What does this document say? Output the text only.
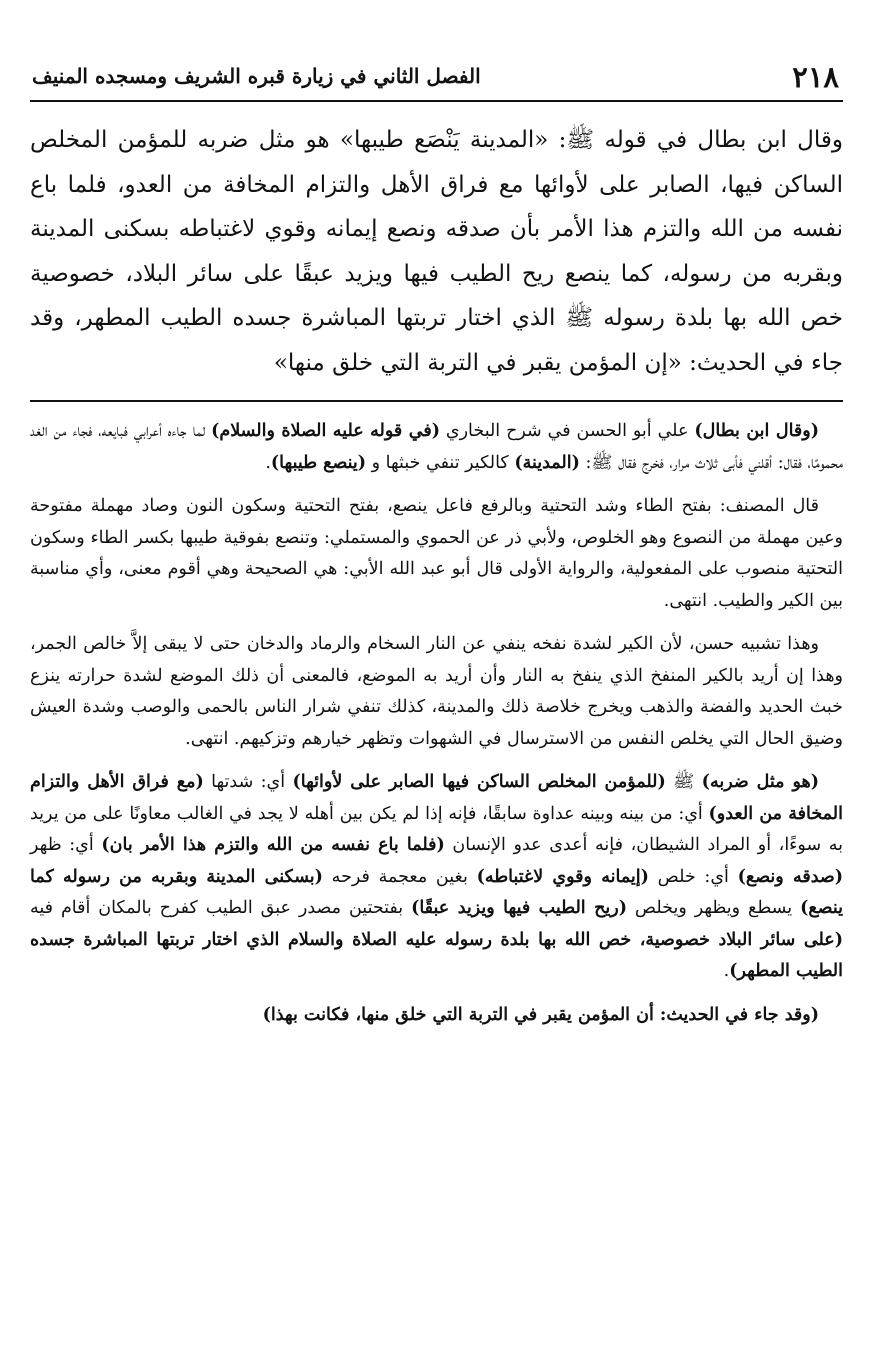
٢١٨
الفصل الثاني في زيارة قبره الشريف ومسجده المنيف
وقال ابن بطال في قوله ﷺ: «المدينة يَنْصَع طيبها» هو مثل ضربه للمؤمن المخلص الساكن فيها، الصابر على لأوائها مع فراق الأهل والتزام المخافة من العدو، فلما باع نفسه من الله والتزم هذا الأمر بأن صدقه ونصع إيمانه وقوي لاغتباطه بسكنى المدينة وبقربه من رسوله، كما ينصع ريح الطيب فيها ويزيد عبقًا على سائر البلاد، خصوصية خص الله بها بلدة رسوله ﷺ الذي اختار تربتها المباشرة جسده الطيب المطهر، وقد جاء في الحديث: «إن المؤمن يقبر في التربة التي خلق منها»

(وقال ابن بطال) علي أبو الحسن في شرح البخاري (في قوله عليه الصلاة والسلام) لما جاءه أعرابي فبايعه، فجاء من الغد محمومًا، فقال: أقلني فأبى ثلاث مرار، فخرج فقال ﷺ: (المدينة) كالكير تنفي خبثها و (ينصع طيبها).

قال المصنف: بفتح الطاء وشد التحتية وبالرفع فاعل ينصع، بفتح التحتية وسكون النون وصاد مهملة مفتوحة وعين مهملة من النصوع وهو الخلوص، ولأبي ذر عن الحموي والمستملي: وتنصع بفوقية طيبها بكسر الطاء وسكون التحتية منصوب على المفعولية، والرواية الأولى قال أبو عبد الله الأبي: هي الصحيحة وهي أقوم معنى، وأي مناسبة بين الكير والطيب. انتهى.

وهذا تشبيه حسن، لأن الكير لشدة نفخه ينفي عن النار السخام والرماد والدخان حتى لا يبقى إلاَّ خالص الجمر، وهذا إن أريد بالكير المنفخ الذي ينفخ به النار وأن أريد به الموضع، فالمعنى أن ذلك الموضع لشدة حرارته ينزع خبث الحديد والفضة والذهب ويخرج خلاصة ذلك والمدينة، كذلك تنفي شرار الناس بالحمى والوصب وشدة العيش وضيق الحال التي يخلص النفس من الاسترسال في الشهوات وتظهر خيارهم وتزكيهم. انتهى.

(هو مثل ضربه) ﷺ (للمؤمن المخلص الساكن فيها الصابر على لأوائها) أي: شدتها (مع فراق الأهل والتزام المخافة من العدو) أي: من بينه وبينه عداوة سابقًا، فإنه إذا لم يكن بين أهله لا يجد في الغالب معاونًا على من يريد به سوءًا، أو المراد الشيطان، فإنه أعدى عدو الإنسان (فلما باع نفسه من الله والتزم هذا الأمر بان) أي: ظهر (صدقه ونصع) أي: خلص (إيمانه وقوي لاغتباطه) بغين معجمة فرحه (بسكنى المدينة وبقربه من رسوله كما ينصع) يسطع ويظهر ويخلص (ريح الطيب فيها ويزيد عبقًا) بفتحتين مصدر عبق الطيب كفرح بالمكان أقام فيه (على سائر البلاد خصوصية، خص الله بها بلدة رسوله عليه الصلاة والسلام الذي اختار تربتها المباشرة جسده الطيب المطهر).

(وقد جاء في الحديث: أن المؤمن يقبر في التربة التي خلق منها، فكانت بهذا)
